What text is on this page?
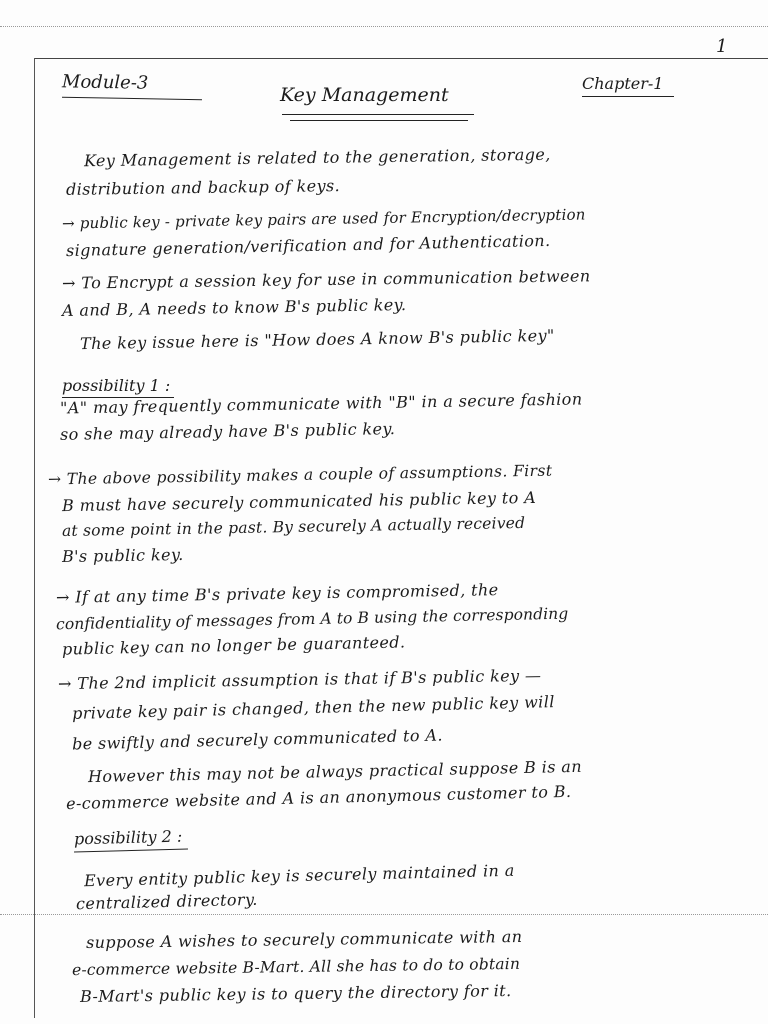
1
Module-3
Key Management
Chapter-1
Key Management is related to the generation, storage,
distribution and backup of keys.
→ public key - private key pairs are used for Encryption/decryption
signature generation/verification and for Authentication.
→ To Encrypt a session key for use in communication between
A and B, A needs to know B's public key.
The key issue here is "How does A know B's public key"
possibility 1 :
"A" may frequently communicate with "B" in a secure fashion
so she may already have B's public key.
→ The above possibility makes a couple of assumptions. First
B must have securely communicated his public key to A
at some point in the past. By securely A actually received
B's public key.
→ If at any time B's private key is compromised, the
confidentiality of messages from A to B using the corresponding
public key can no longer be guaranteed.
→ The 2nd implicit assumption is that if B's public key —
private key pair is changed, then the new public key will
be swiftly and securely communicated to A.
However this may not be always practical suppose B is an
e-commerce website and A is an anonymous customer to B.
possibility 2 :
Every entity public key is securely maintained in a
centralized directory.
suppose A wishes to securely communicate with an
e-commerce website B-Mart. All she has to do to obtain
B-Mart's public key is to query the directory for it.
